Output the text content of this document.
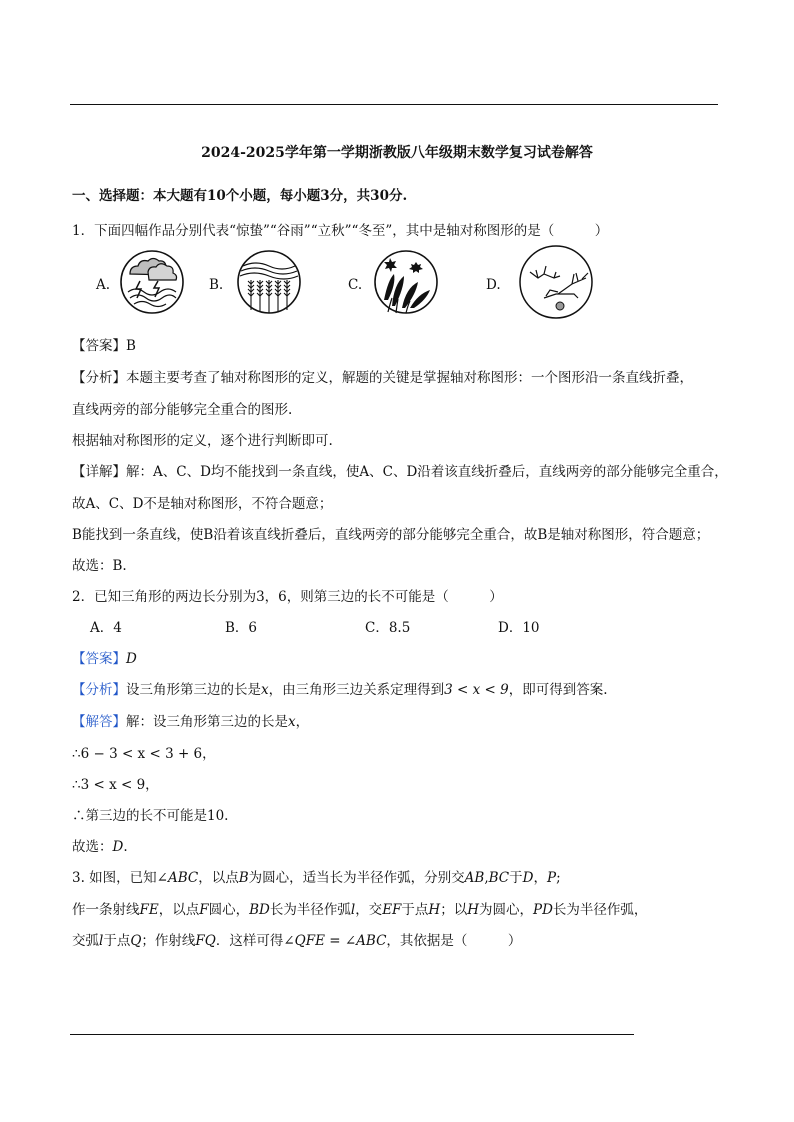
2024-2025学年第一学期浙教版八年级期末数学复习试卷解答
一、选择题：本大题有10个小题，每小题3分，共30分.
1．下面四幅作品分别代表“惊蛰”“谷雨”“立秋”“冬至”，其中是轴对称图形的是（　　　）
A.	B.	C.	D.
【答案】B
【分析】本题主要考查了轴对称图形的定义，解题的关键是掌握轴对称图形：一个图形沿一条直线折叠，
直线两旁的部分能够完全重合的图形.
根据轴对称图形的定义，逐个进行判断即可.
【详解】解：A、C、D均不能找到一条直线，使A、C、D沿着该直线折叠后，直线两旁的部分能够完全重合，
故A、C、D不是轴对称图形，不符合题意；
B能找到一条直线，使B沿着该直线折叠后，直线两旁的部分能够完全重合，故B是轴对称图形，符合题意；
故选：B.
2．已知三角形的两边长分别为3，6，则第三边的长不可能是（　　　）
A．4	B．6	C．8.5	D．10
【答案】D
【分析】设三角形第三边的长是x，由三角形三边关系定理得到3 < x < 9，即可得到答案.
【解答】解：设三角形第三边的长是x，
∴6 − 3 < x < 3 + 6，
∴3 < x < 9，
∴第三边的长不可能是10.
故选：D.
3. 如图，已知∠ABC，以点B为圆心，适当长为半径作弧，分别交AB,BC于D，P;
作一条射线FE，以点F圆心，BD长为半径作弧l，交EF于点H；以H为圆心，PD长为半径作弧，
交弧l于点Q；作射线FQ．这样可得∠QFE = ∠ABC，其依据是（　　　）
